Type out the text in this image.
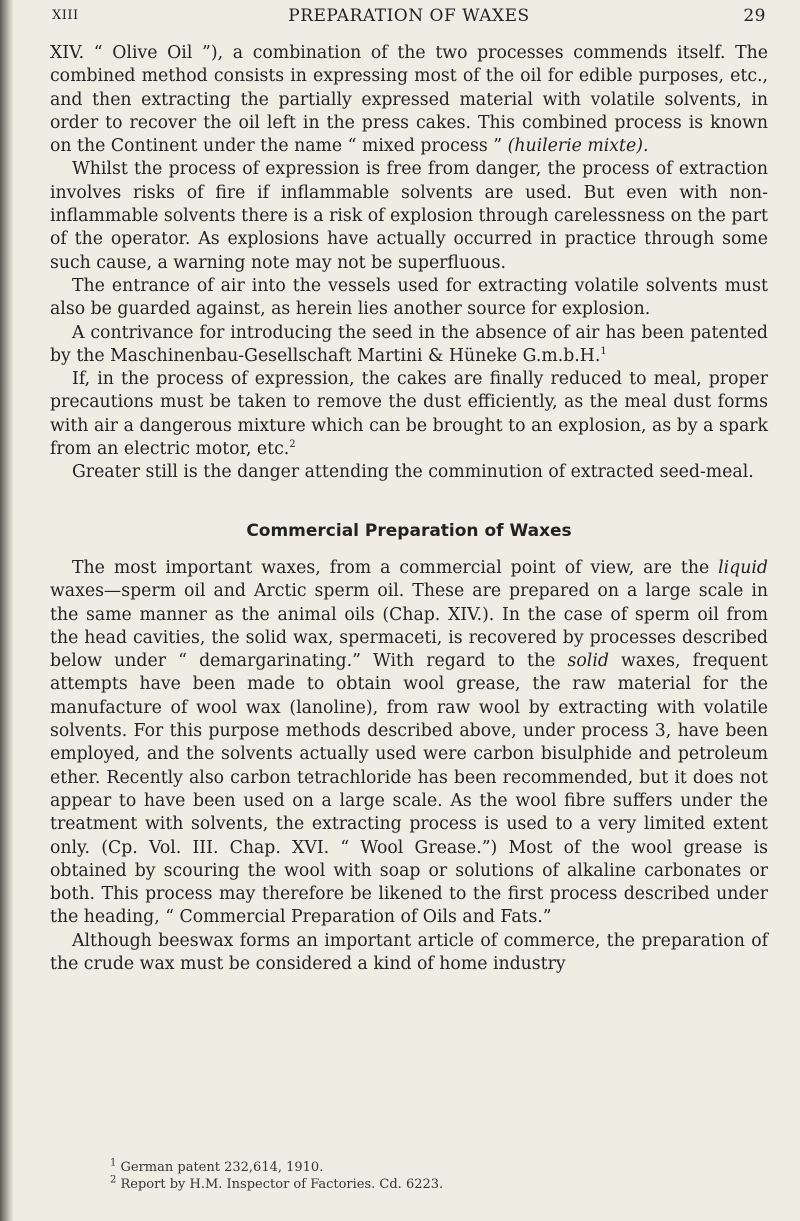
XIII	PREPARATION OF WAXES	29

XIV. “ Olive Oil ”), a combination of the two processes commends itself. The combined method consists in expressing most of the oil for edible purposes, etc., and then extracting the partially expressed material with volatile solvents, in order to recover the oil left in the press cakes. This combined process is known on the Continent under the name “ mixed process ” (huilerie mixte).

Whilst the process of expression is free from danger, the process of extraction involves risks of fire if inflammable solvents are used. But even with non-inflammable solvents there is a risk of explosion through carelessness on the part of the operator. As explosions have actually occurred in practice through some such cause, a warning note may not be superfluous.

The entrance of air into the vessels used for extracting volatile solvents must also be guarded against, as herein lies another source for explosion.

A contrivance for introducing the seed in the absence of air has been patented by the Maschinenbau-Gesellschaft Martini & Hüneke G.m.b.H.$^1$

If, in the process of expression, the cakes are finally reduced to meal, proper precautions must be taken to remove the dust efficiently, as the meal dust forms with air a dangerous mixture which can be brought to an explosion, as by a spark from an electric motor, etc.$^2$

Greater still is the danger attending the comminution of extracted seed-meal.

Commercial Preparation of Waxes

The most important waxes, from a commercial point of view, are the liquid waxes—sperm oil and Arctic sperm oil. These are prepared on a large scale in the same manner as the animal oils (Chap. XIV.). In the case of sperm oil from the head cavities, the solid wax, spermaceti, is recovered by processes described below under “ demargarinating.” With regard to the solid waxes, frequent attempts have been made to obtain wool grease, the raw material for the manufacture of wool wax (lanoline), from raw wool by extracting with volatile solvents. For this purpose methods described above, under process 3, have been employed, and the solvents actually used were carbon bisulphide and petroleum ether. Recently also carbon tetrachloride has been recommended, but it does not appear to have been used on a large scale. As the wool fibre suffers under the treatment with solvents, the extracting process is used to a very limited extent only. (Cp. Vol. III. Chap. XVI. “ Wool Grease.”) Most of the wool grease is obtained by scouring the wool with soap or solutions of alkaline carbonates or both. This process may therefore be likened to the first process described under the heading, “ Commercial Preparation of Oils and Fats.”

Although beeswax forms an important article of commerce, the preparation of the crude wax must be considered a kind of home industry

$^1$ German patent 232,614, 1910.
$^2$ Report by H.M. Inspector of Factories. Cd. 6223.
